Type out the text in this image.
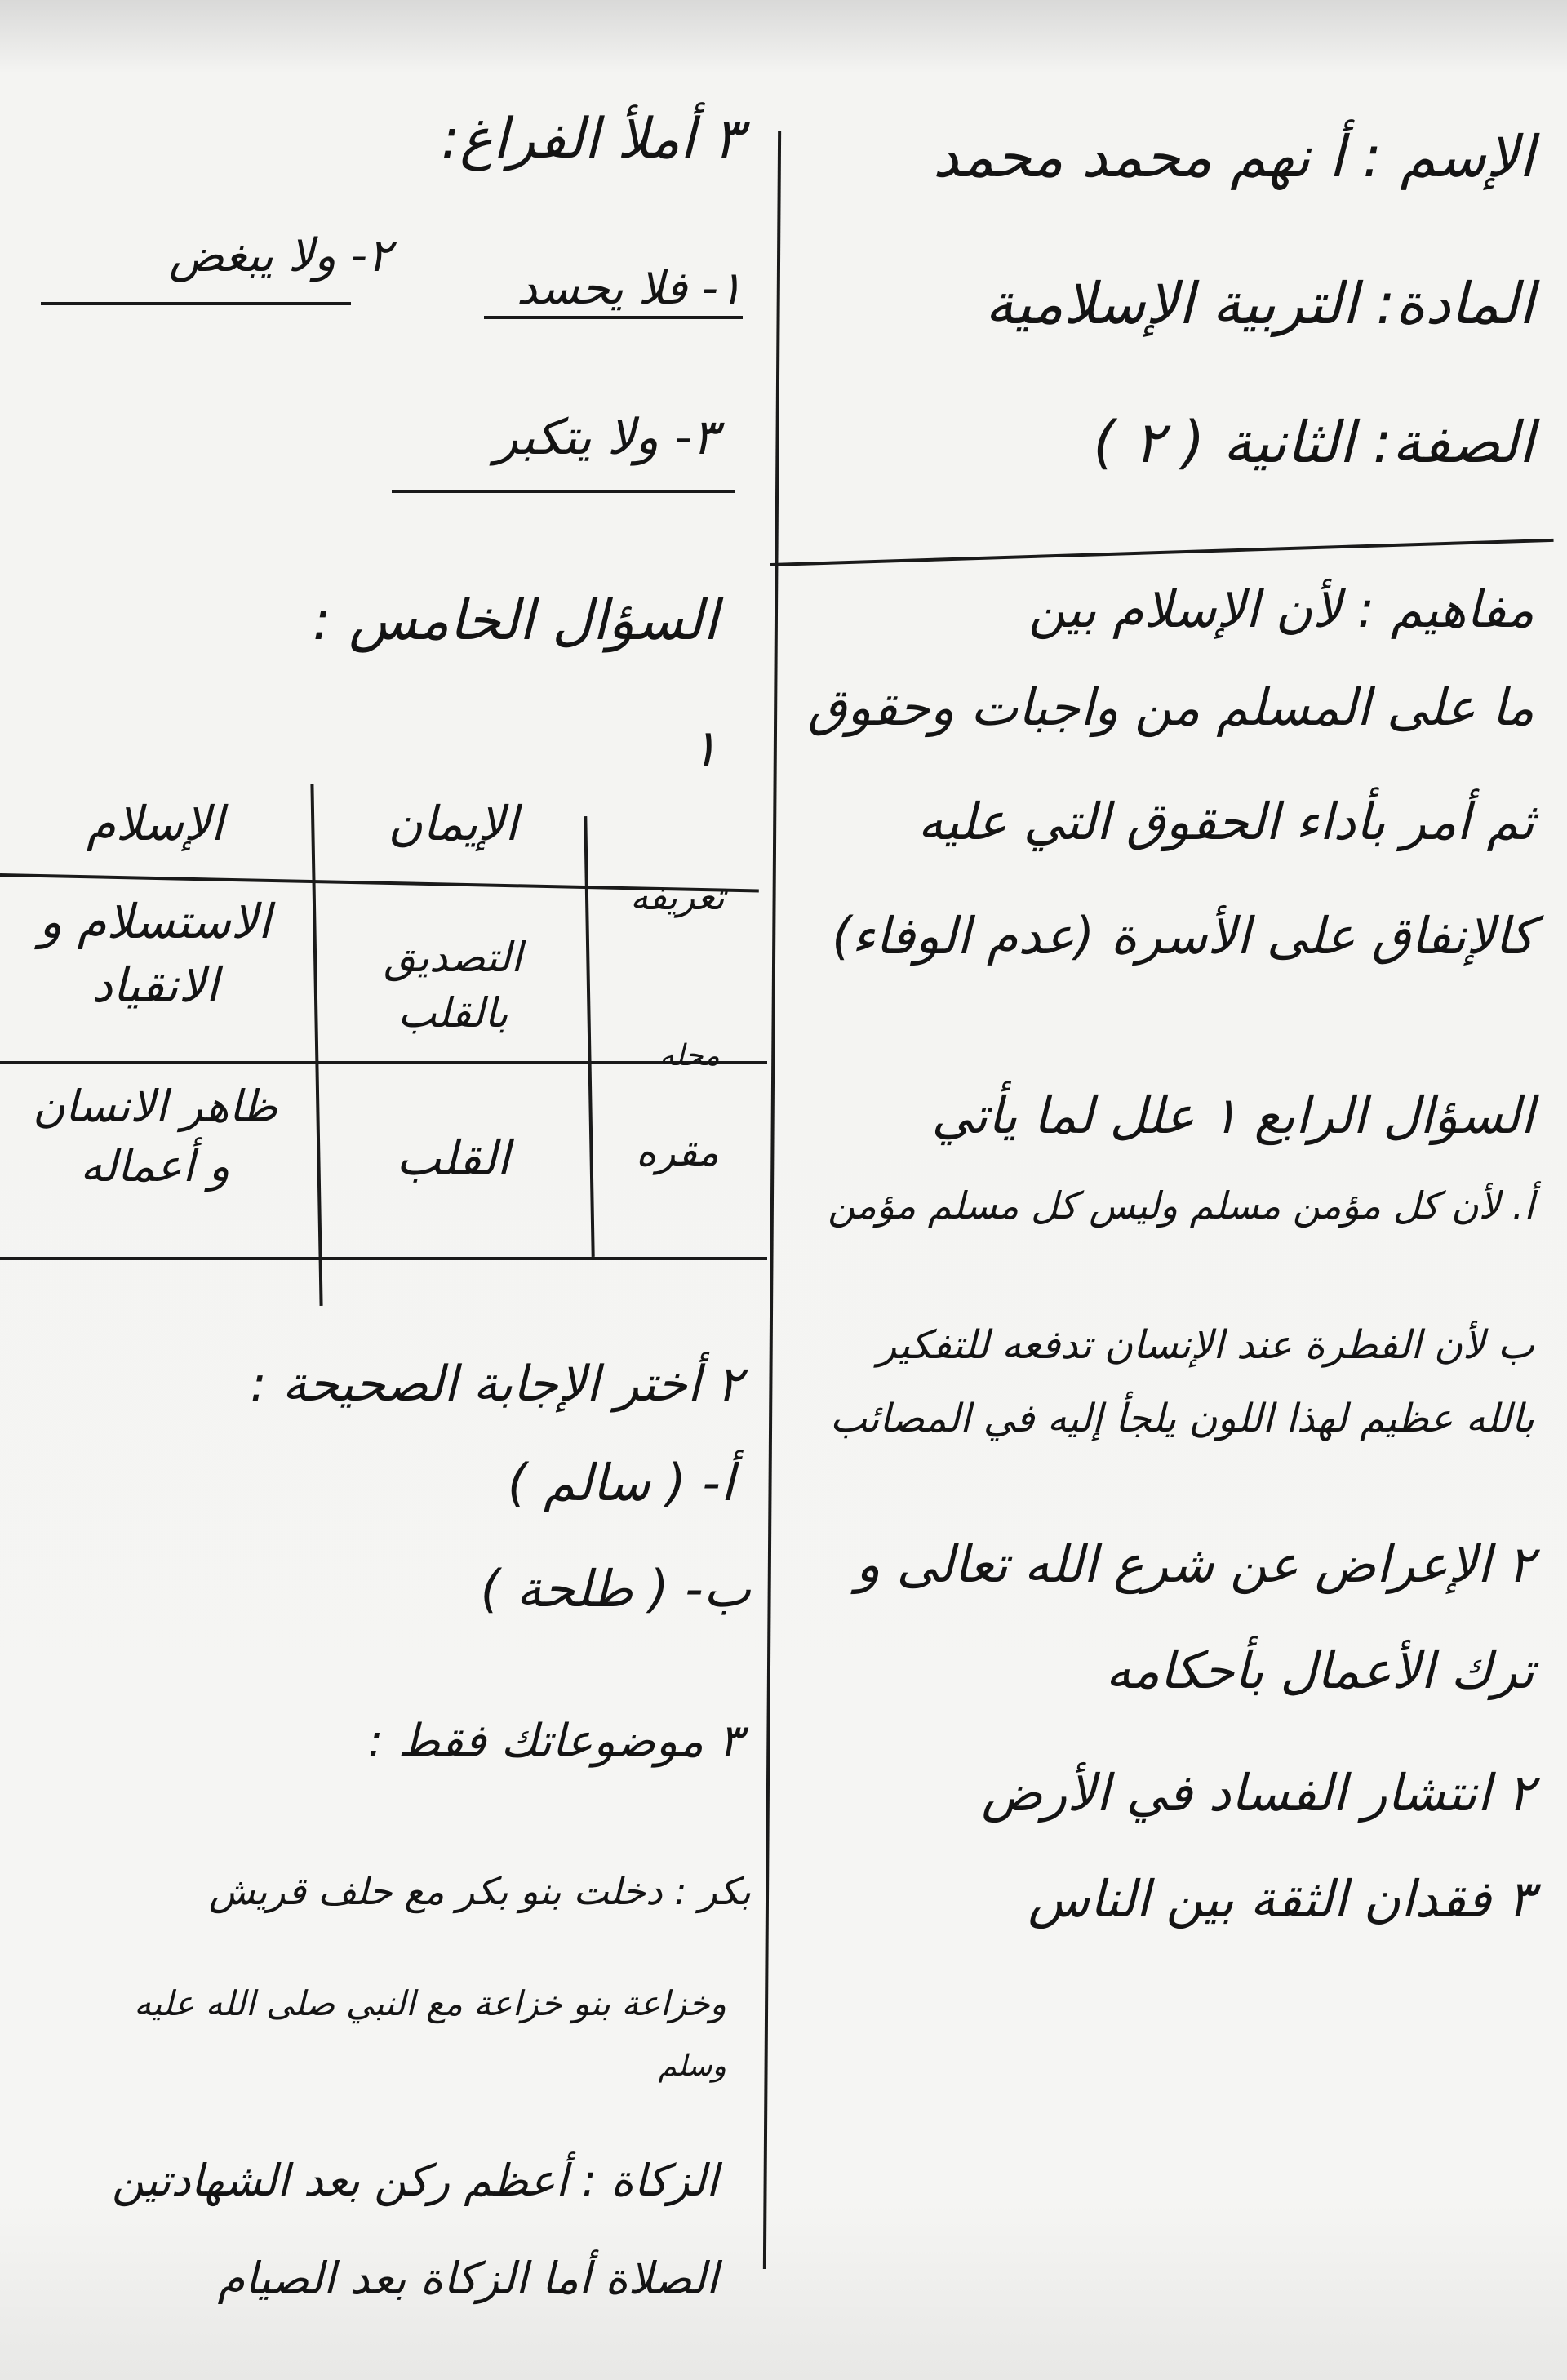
الإسم : أ نهم محمد محمد
المادة: التربية الإسلامية
الصفة: الثانية ( ٢ )
مفاهيم : لأن الإسلام بين
ما على المسلم من واجبات وحقوق
ثم أمر بأداء الحقوق التي عليه
كالإنفاق على الأسرة (عدم الوفاء)
السؤال الرابع ١ علل لما يأتي
أ. لأن كل مؤمن مسلم وليس كل مسلم مؤمن
ب لأن الفطرة عند الإنسان تدفعه للتفكير
بالله عظيم لهذا اللون يلجأ إليه في المصائب
٢ الإعراض عن شرع الله تعالى و
ترك الأعمال بأحكامه
٢ انتشار الفساد في الأرض
٣ فقدان الثقة بين الناس
٣ أملأ الفراغ:
١- فلا يحسد
٢- ولا يبغض
٣- ولا يتكبر
السؤال الخامس :
١
الإسلام	الإيمان
تعريفه
الاستسلام و
الانقياد
التصديق بالقلب
محله
مقره
ظاهر الانسان
و أعماله	القلب
٢ أختر الإجابة الصحيحة :
أ- ( سالم )
ب- ( طلحة )
٣ موضوعاتك فقط :
بكر : دخلت بنو بكر مع حلف قريش
وخزاعة بنو خزاعة مع النبي صلى الله عليه
وسلم
الزكاة : أعظم ركن بعد الشهادتين
الصلاة أما الزكاة بعد الصيام
